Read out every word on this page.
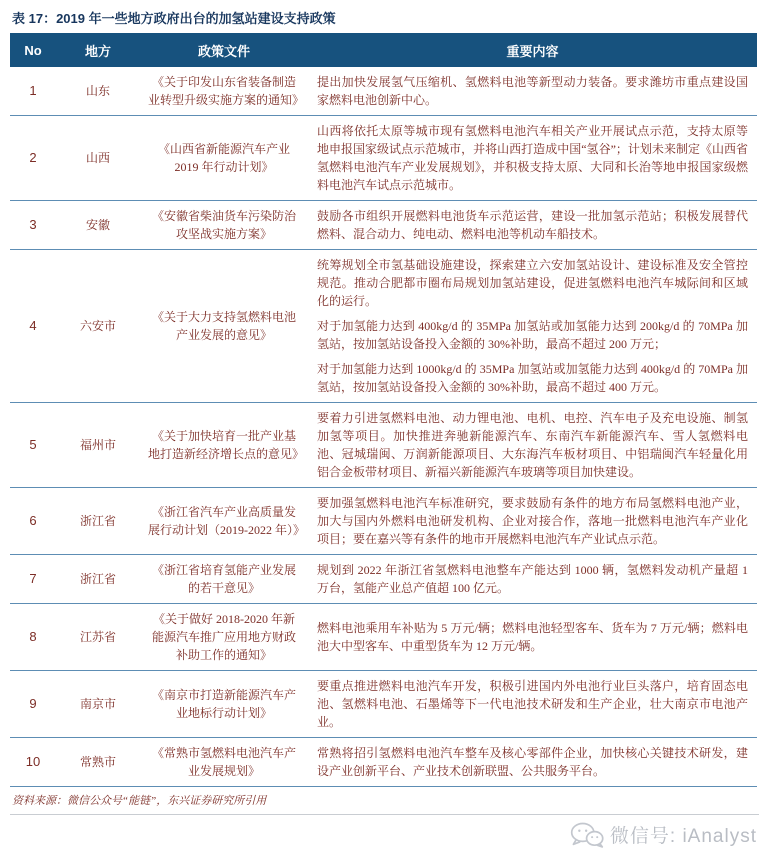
表 17：2019 年一些地方政府出台的加氢站建设支持政策
No	地方	政策文件	重要内容
1	山东	《关于印发山东省装备制造业转型升级实施方案的通知》	提出加快发展氢气压缩机、氢燃料电池等新型动力装备。要求潍坊市重点建设国家燃料电池创新中心。

2	山西	《山西省新能源汽车产业 2019 年行动计划》	山西将依托太原等城市现有氢燃料电池汽车相关产业开展试点示范，支持太原等地申报国家级试点示范城市，并将山西打造成中国“氢谷”；计划未来制定《山西省氢燃料电池汽车产业发展规划》，并积极支持太原、大同和长治等地申报国家级燃料电池汽车试点示范城市。

3	安徽	《安徽省柴油货车污染防治攻坚战实施方案》	鼓励各市组织开展燃料电池货车示范运营，建设一批加氢示范站；积极发展替代燃料、混合动力、纯电动、燃料电池等机动车船技术。

4	六安市	《关于大力支持氢燃料电池产业发展的意见》	统筹规划全市氢基础设施建设，探索建立六安加氢站设计、建设标准及安全管控规范。推动合肥都市圈布局规划加氢站建设，促进氢燃料电池汽车城际间和区域化的运行。

对于加氢能力达到 400kg/d 的 35MPa 加氢站或加氢能力达到 200kg/d 的 70MPa 加氢站，按加氢站设备投入金额的 30%补助，最高不超过 200 万元；

对于加氢能力达到 1000kg/d 的 35MPa 加氢站或加氢能力达到 400kg/d 的 70MPa 加氢站，按加氢站设备投入金额的 30%补助，最高不超过 400 万元。

5	福州市	《关于加快培育一批产业基地打造新经济增长点的意见》	要着力引进氢燃料电池、动力锂电池、电机、电控、汽车电子及充电设施、制氢加氢等项目。加快推进奔驰新能源汽车、东南汽车新能源汽车、雪人氢燃料电池、冠城瑞闽、万润新能源项目、大东海汽车板材项目、中铝瑞闽汽车轻量化用铝合金板带材项目、新福兴新能源汽车玻璃等项目加快建设。

6	浙江省	《浙江省汽车产业高质量发展行动计划（2019-2022 年）》	要加强氢燃料电池汽车标准研究，要求鼓励有条件的地方布局氢燃料电池产业，加大与国内外燃料电池研发机构、企业对接合作，落地一批燃料电池汽车产业化项目；要在嘉兴等有条件的地市开展燃料电池汽车产业试点示范。

7	浙江省	《浙江省培育氢能产业发展的若干意见》	规划到 2022 年浙江省氢燃料电池整车产能达到 1000 辆，氢燃料发动机产量超 1 万台，氢能产业总产值超 100 亿元。

8	江苏省	《关于做好 2018-2020 年新能源汽车推广应用地方财政补助工作的通知》	燃料电池乘用车补贴为 5 万元/辆；燃料电池轻型客车、货车为 7 万元/辆；燃料电池大中型客车、中重型货车为 12 万元/辆。

9	南京市	《南京市打造新能源汽车产业地标行动计划》	要重点推进燃料电池汽车开发，积极引进国内外电池行业巨头落户，培育固态电池、氢燃料电池、石墨烯等下一代电池技术研发和生产企业，壮大南京市电池产业。

10	常熟市	《常熟市氢燃料电池汽车产业发展规划》	常熟将招引氢燃料电池汽车整车及核心零部件企业，加快核心关键技术研发，建设产业创新平台、产业技术创新联盟、公共服务平台。

资料来源：微信公众号“能链”，东兴证券研究所引用
微信号: iAnalyst
